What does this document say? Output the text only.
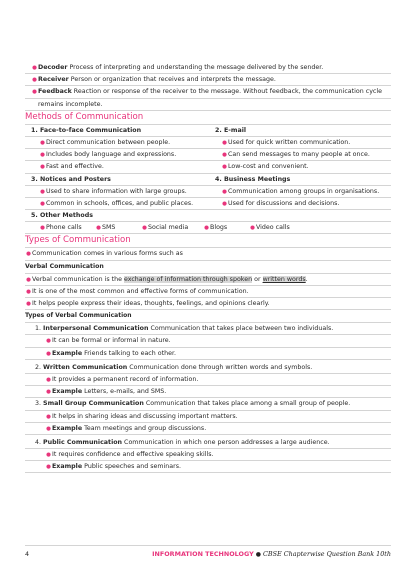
●Decoder Process of interpreting and understanding the message delivered by the sender.
●Receiver Person or organization that receives and interprets the message.
●Feedback Reaction or response of the receiver to the message. Without feedback, the communication cycle
remains incomplete.
Methods of Communication
1. Face-to-face Communication	2. E-mail
●Direct communication between people.	●Used for quick written communication.
●Includes body language and expressions.	●Can send messages to many people at once.
●Fast and effective.	●Low-cost and convenient.
3. Notices and Posters	4. Business Meetings
●Used to share information with large groups.	●Communication among groups in organisations.
●Common in schools, offices, and public places.	●Used for discussions and decisions.
5. Other Methods
●Phone calls	●SMS	●Social media	●Blogs	●Video calls
Types of Communication
●Communication comes in various forms such as
Verbal Communication
●Verbal communication is the exchange of information through spoken or written words.
●It is one of the most common and effective forms of communication.
●It helps people express their ideas, thoughts, feelings, and opinions clearly.
Types of Verbal Communication
1. Interpersonal Communication Communication that takes place between two individuals.
●It can be formal or informal in nature.
●Example Friends talking to each other.
2. Written Communication Communication done through written words and symbols.
●It provides a permanent record of information.
●Example Letters, e-mails, and SMS.
3. Small Group Communication Communication that takes place among a small group of people.
●It helps in sharing ideas and discussing important matters.
●Example Team meetings and group discussions.
4. Public Communication Communication in which one person addresses a large audience.
●It requires confidence and effective speaking skills.
●Example Public speeches and seminars.
4	INFORMATION TECHNOLOGY ● CBSE Chapterwise Question Bank 10th
